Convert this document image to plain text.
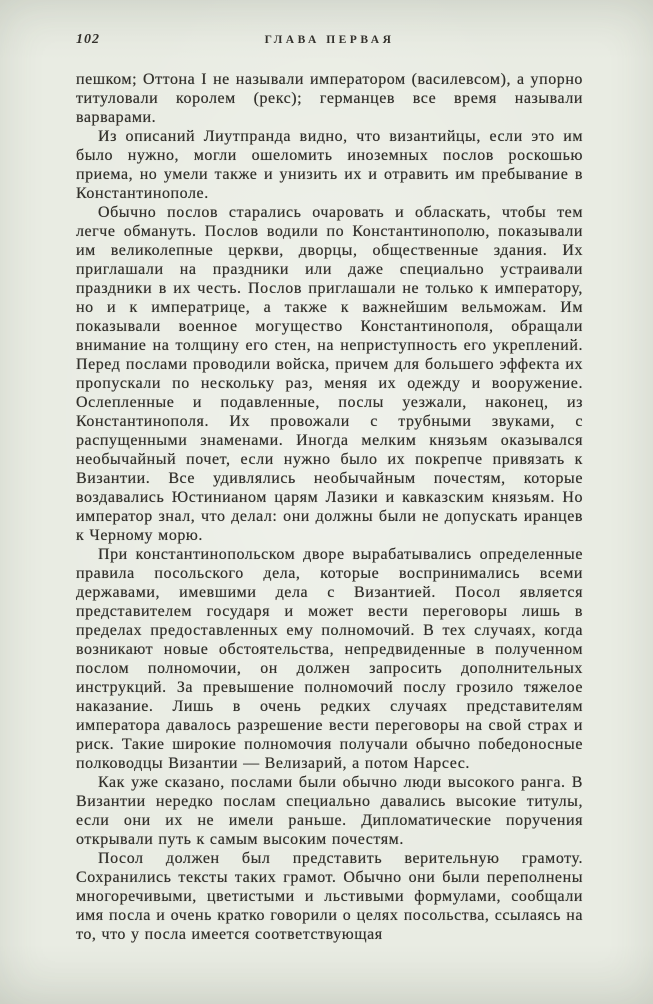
102	ГЛАВА ПЕРВАЯ

пешком; Оттона I не называли императором (василевсом), а упорно титуловали королем (рекс); германцев все время называли варварами.

Из описаний Лиутпранда видно, что византийцы, если это им было нужно, могли ошеломить иноземных послов роскошью приема, но умели также и унизить их и отравить им пребывание в Константинополе.

Обычно послов старались очаровать и обласкать, чтобы тем легче обмануть. Послов водили по Константинополю, показывали им великолепные церкви, дворцы, общественные здания. Их приглашали на праздники или даже специально устраивали праздники в их честь. Послов приглашали не только к императору, но и к императрице, а также к важнейшим вельможам. Им показывали военное могущество Константинополя, обращали внимание на толщину его стен, на неприступность его укреплений. Перед послами проводили войска, причем для большего эффекта их пропускали по нескольку раз, меняя их одежду и вооружение. Ослепленные и подавленные, послы уезжали, наконец, из Константинополя. Их провожали с трубными звуками, с распущенными знаменами. Иногда мелким князьям оказывался необычайный почет, если нужно было их покрепче привязать к Византии. Все удивлялись необычайным почестям, которые воздавались Юстинианом царям Лазики и кавказским князьям. Но император знал, что делал: они должны были не допускать иранцев к Черному морю.

При константинопольском дворе вырабатывались определенные правила посольского дела, которые воспринимались всеми державами, имевшими дела с Византией. Посол является представителем государя и может вести переговоры лишь в пределах предоставленных ему полномочий. В тех случаях, когда возникают новые обстоятельства, непредвиденные в полученном послом полномочии, он должен запросить дополнительных инструкций. За превышение полномочий послу грозило тяжелое наказание. Лишь в очень редких случаях представителям императора давалось разрешение вести переговоры на свой страх и риск. Такие широкие полномочия получали обычно победоносные полководцы Византии — Велизарий, а потом Нарсес.

Как уже сказано, послами были обычно люди высокого ранга. В Византии нередко послам специально давались высокие титулы, если они их не имели раньше. Дипломатические поручения открывали путь к самым высоким почестям.

Посол должен был представить верительную грамоту. Сохранились тексты таких грамот. Обычно они были переполнены многоречивыми, цветистыми и льстивыми формулами, сообщали имя посла и очень кратко говорили о целях посольства, ссылаясь на то, что у посла имеется соответствующая
